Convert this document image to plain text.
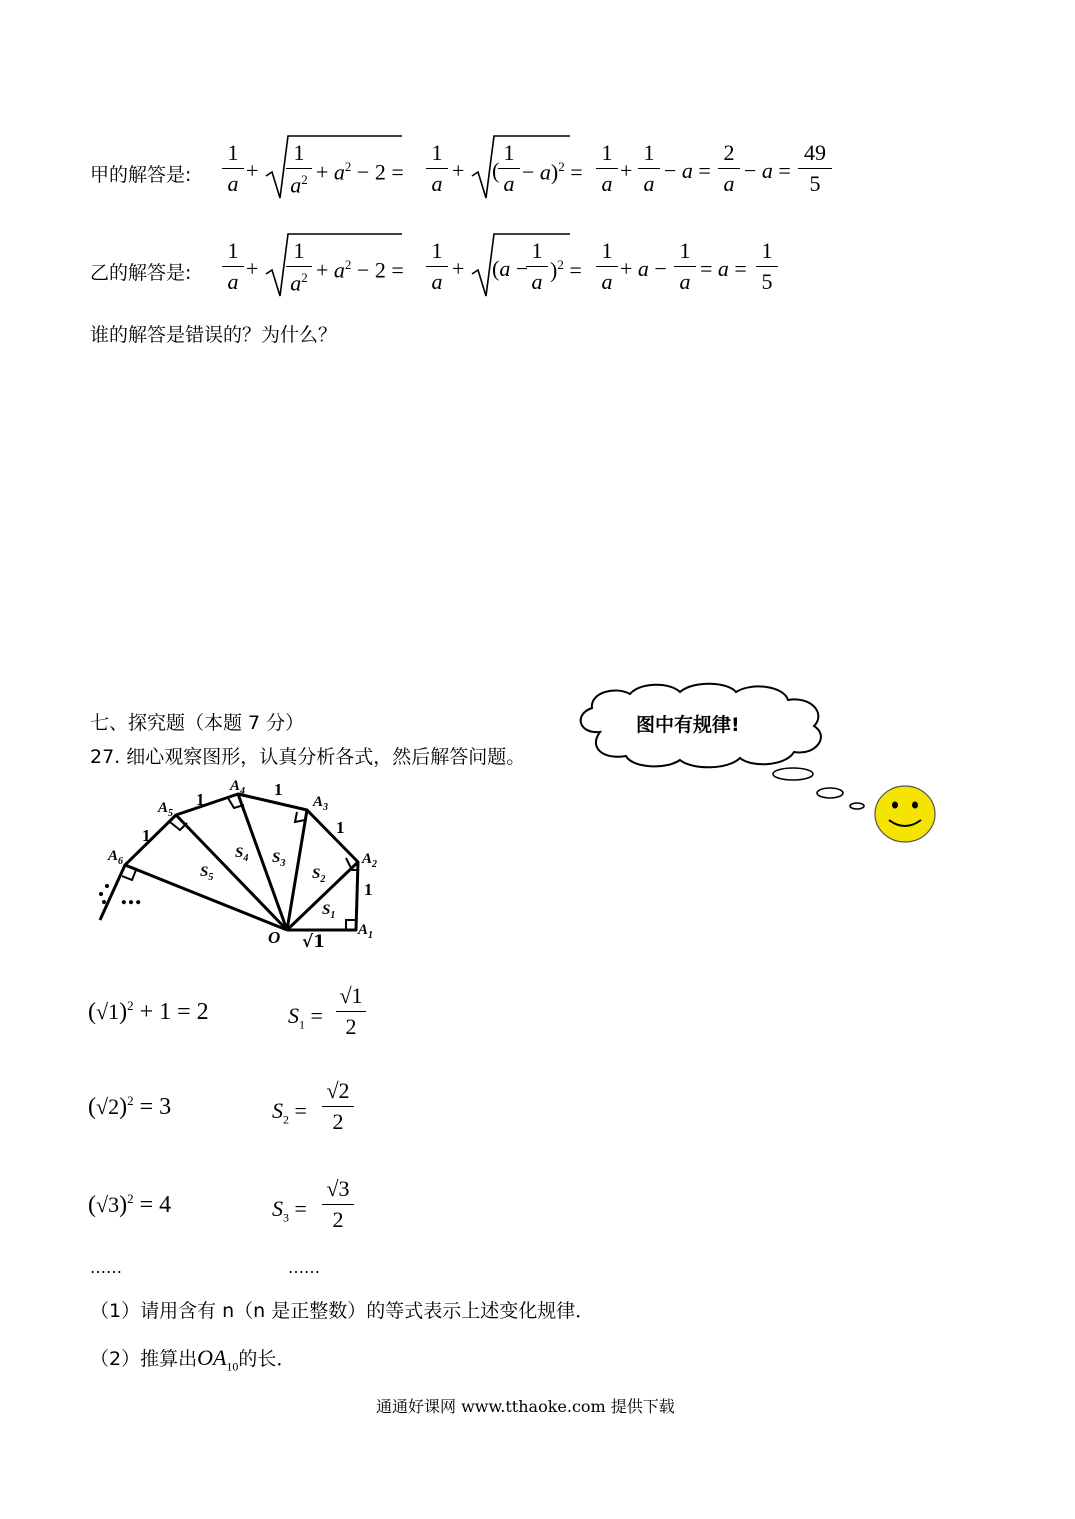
甲的解答是:
1
a
+
1
$a^2 + a^2 - 2$ =
1
a
+ (
1
a − a)$^2$ =
1
a
+
1
a
− a =
2
a
− a =
49
5
乙的解答是:
1
a
+
1
$a^2 + a^2 - 2$ =
1
a
+ (a −
1
a )$^2$ =
1
a
+ a −
1
a
= a =
1
5
谁的解答是错误的？为什么？
七、探究题（本题 7 分）
27. 细心观察图形，认真分析各式，然后解答问题。
图中有规律!
$A_1$
$A_2$
$A_3$
$A_4$
$A_5$
$A_6$
O
$S_1$
$S_2$
$S_3$
$S_4$
$S_5$
1
1
1
1
1
√1
…
$(√1)^2 + 1 = 2$	$S_1$ =
√1
2
$(√2)^2 = 3$	$S_2$ =
√2
2
$(√3)^2 = 4$	$S_3$ =
√3
2
……	……
（1）请用含有 n（n 是正整数）的等式表示上述变化规律．
（2）推算出$OA_{10}$的长．
通通好课网 www.tthaoke.com 提供下载
